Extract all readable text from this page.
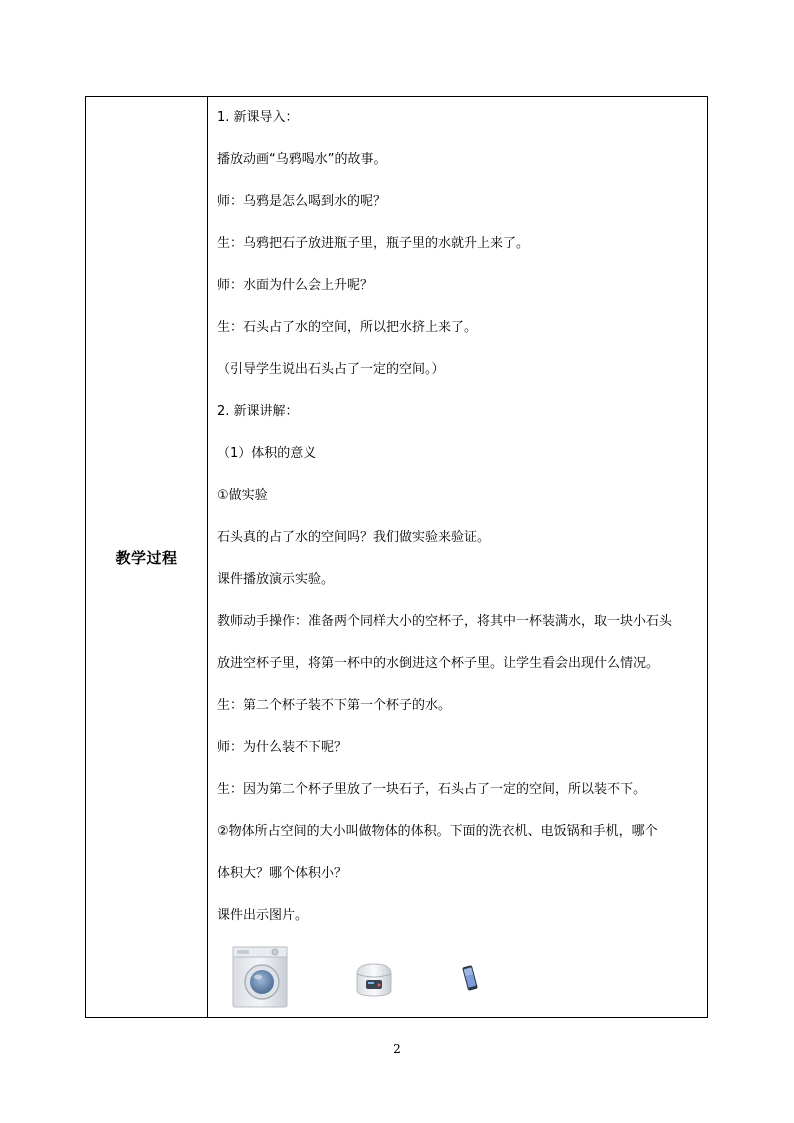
教学过程
1. 新课导入：
播放动画“乌鸦喝水”的故事。
师：乌鸦是怎么喝到水的呢？
生：乌鸦把石子放进瓶子里，瓶子里的水就升上来了。
师：水面为什么会上升呢？
生：石头占了水的空间，所以把水挤上来了。
（引导学生说出石头占了一定的空间。）
2. 新课讲解：
（1）体积的意义
①做实验
石头真的占了水的空间吗？我们做实验来验证。
课件播放演示实验。
教师动手操作：准备两个同样大小的空杯子，将其中一杯装满水，取一块小石头
放进空杯子里，将第一杯中的水倒进这个杯子里。让学生看会出现什么情况。
生：第二个杯子装不下第一个杯子的水。
师：为什么装不下呢？
生：因为第二个杯子里放了一块石子，石头占了一定的空间，所以装不下。
②物体所占空间的大小叫做物体的体积。下面的洗衣机、电饭锅和手机，哪个
体积大？哪个体积小？
课件出示图片。
2
